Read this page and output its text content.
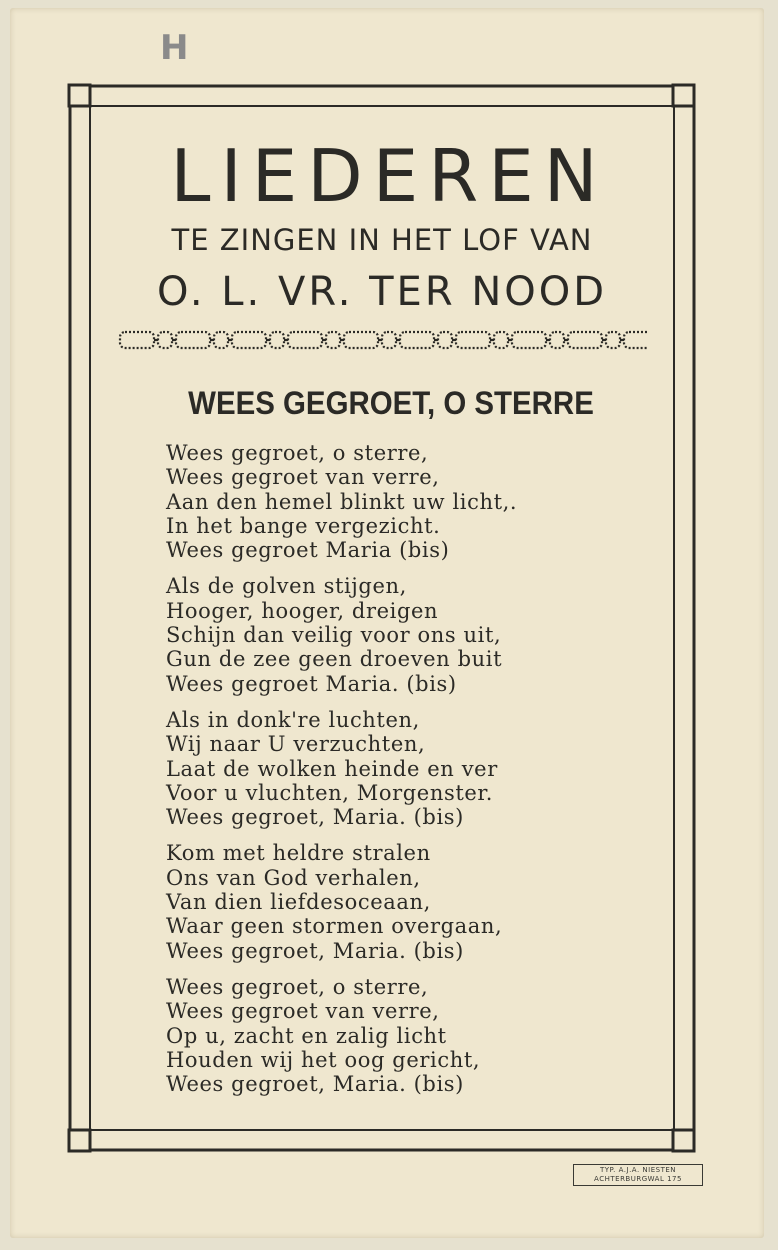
H
LIEDEREN
TE ZINGEN IN HET LOF VAN
O. L. VR. TER NOOD
WEES GEGROET, O STERRE
Wees gegroet, o sterre,
Wees gegroet van verre,
Aan den hemel blinkt uw licht,.
In het bange vergezicht.
Wees gegroet Maria (bis)
Als de golven stijgen,
Hooger, hooger, dreigen
Schijn dan veilig voor ons uit,
Gun de zee geen droeven buit
Wees gegroet Maria. (bis)
Als in donk're luchten,
Wij naar U verzuchten,
Laat de wolken heinde en ver
Voor u vluchten, Morgenster.
Wees gegroet, Maria. (bis)
Kom met heldre stralen
Ons van God verhalen,
Van dien liefdesoceaan,
Waar geen stormen overgaan,
Wees gegroet, Maria. (bis)
Wees gegroet, o sterre,
Wees gegroet van verre,
Op u, zacht en zalig licht
Houden wij het oog gericht,
Wees gegroet, Maria. (bis)
TYP. A.J.A. NIESTEN
ACHTERBURGWAL 175
